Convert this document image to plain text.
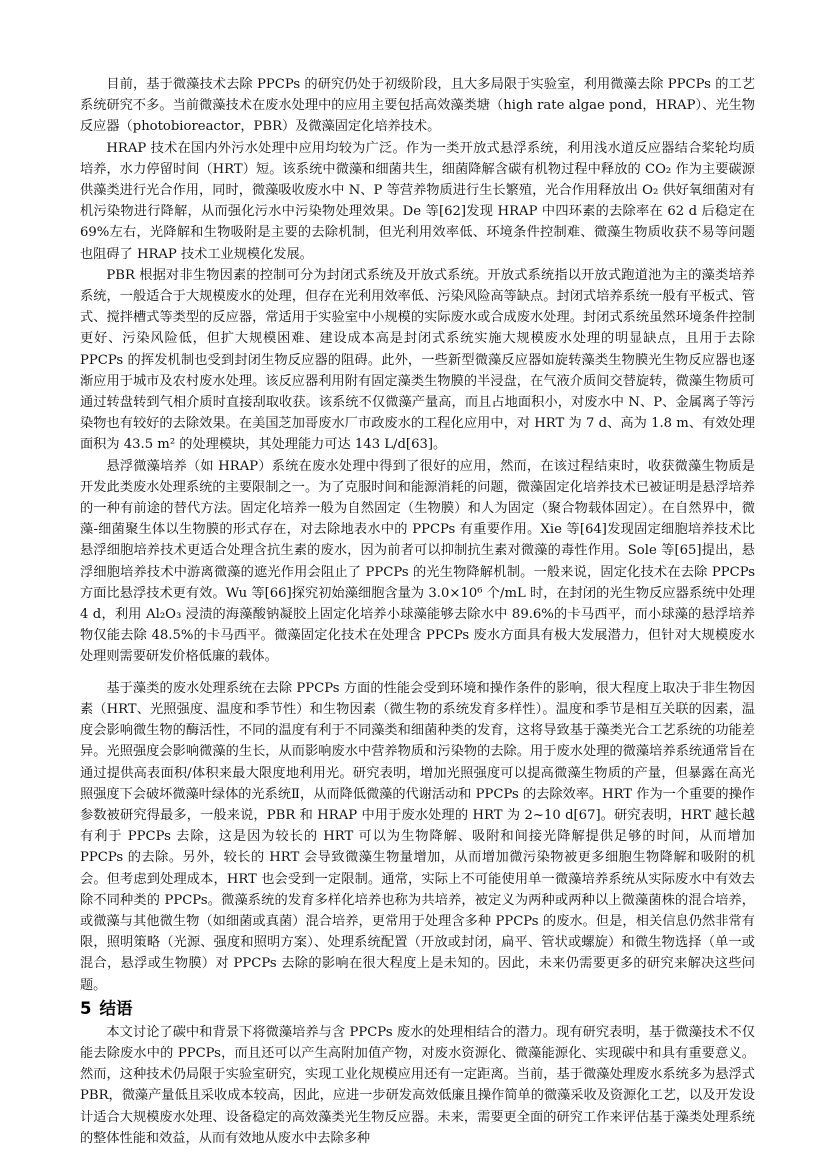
目前，基于微藻技术去除 PPCPs 的研究仍处于初级阶段，且大多局限于实验室，利用微藻去除 PPCPs 的工艺系统研究不多。当前微藻技术在废水处理中的应用主要包括高效藻类塘（high rate algae pond，HRAP）、光生物反应器（photobioreactor，PBR）及微藻固定化培养技术。

HRAP 技术在国内外污水处理中应用均较为广泛。作为一类开放式悬浮系统，利用浅水道反应器结合桨轮均质培养，水力停留时间（HRT）短。该系统中微藻和细菌共生，细菌降解含碳有机物过程中释放的 CO₂ 作为主要碳源供藻类进行光合作用，同时，微藻吸收废水中 N、P 等营养物质进行生长繁殖，光合作用释放出 O₂ 供好氧细菌对有机污染物进行降解，从而强化污水中污染物处理效果。De 等[62]发现 HRAP 中四环素的去除率在 62 d 后稳定在 69%左右，光降解和生物吸附是主要的去除机制，但光利用效率低、环境条件控制难、微藻生物质收获不易等问题也阻碍了 HRAP 技术工业规模化发展。

PBR 根据对非生物因素的控制可分为封闭式系统及开放式系统。开放式系统指以开放式跑道池为主的藻类培养系统，一般适合于大规模废水的处理，但存在光利用效率低、污染风险高等缺点。封闭式培养系统一般有平板式、管式、搅拌槽式等类型的反应器，常适用于实验室中小规模的实际废水或合成废水处理。封闭式系统虽然环境条件控制更好、污染风险低，但扩大规模困难、建设成本高是封闭式系统实施大规模废水处理的明显缺点，且用于去除 PPCPs 的挥发机制也受到封闭生物反应器的阻碍。此外，一些新型微藻反应器如旋转藻类生物膜光生物反应器也逐渐应用于城市及农村废水处理。该反应器利用附有固定藻类生物膜的半浸盘，在气液介质间交替旋转，微藻生物质可通过转盘转到气相介质时直接刮取收获。该系统不仅微藻产量高，而且占地面积小，对废水中 N、P、金属离子等污染物也有较好的去除效果。在美国芝加哥废水厂市政废水的工程化应用中，对 HRT 为 7 d、高为 1.8 m、有效处理面积为 43.5 m² 的处理模块，其处理能力可达 143 L/d[63]。

悬浮微藻培养（如 HRAP）系统在废水处理中得到了很好的应用，然而，在该过程结束时，收获微藻生物质是开发此类废水处理系统的主要限制之一。为了克服时间和能源消耗的问题，微藻固定化培养技术已被证明是悬浮培养的一种有前途的替代方法。固定化培养一般为自然固定（生物膜）和人为固定（聚合物载体固定）。在自然界中，微藻-细菌聚生体以生物膜的形式存在，对去除地表水中的 PPCPs 有重要作用。Xie 等[64]发现固定细胞培养技术比悬浮细胞培养技术更适合处理含抗生素的废水，因为前者可以抑制抗生素对微藻的毒性作用。Sole 等[65]提出，悬浮细胞培养技术中游离微藻的遮光作用会阻止了 PPCPs 的光生物降解机制。一般来说，固定化技术在去除 PPCPs 方面比悬浮技术更有效。Wu 等[66]探究初始藻细胞含量为 3.0×10⁶ 个/mL 时，在封闭的光生物反应器系统中处理 4 d，利用 Al₂O₃ 浸渍的海藻酸钠凝胶上固定化培养小球藻能够去除水中 89.6%的卡马西平，而小球藻的悬浮培养物仅能去除 48.5%的卡马西平。微藻固定化技术在处理含 PPCPs 废水方面具有极大发展潜力，但针对大规模废水处理则需要研发价格低廉的载体。

基于藻类的废水处理系统在去除 PPCPs 方面的性能会受到环境和操作条件的影响，很大程度上取决于非生物因素（HRT、光照强度、温度和季节性）和生物因素（微生物的系统发育多样性）。温度和季节是相互关联的因素，温度会影响微生物的酶活性，不同的温度有利于不同藻类和细菌种类的发育，这将导致基于藻类光合工艺系统的功能差异。光照强度会影响微藻的生长，从而影响废水中营养物质和污染物的去除。用于废水处理的微藻培养系统通常旨在通过提供高表面积/体积来最大限度地利用光。研究表明，增加光照强度可以提高微藻生物质的产量，但暴露在高光照强度下会破坏微藻叶绿体的光系统Ⅱ，从而降低微藻的代谢活动和 PPCPs 的去除效率。HRT 作为一个重要的操作参数被研究得最多，一般来说，PBR 和 HRAP 中用于废水处理的 HRT 为 2~10 d[67]。研究表明，HRT 越长越有利于 PPCPs 去除，这是因为较长的 HRT 可以为生物降解、吸附和间接光降解提供足够的时间，从而增加 PPCPs 的去除。另外，较长的 HRT 会导致微藻生物量增加，从而增加微污染物被更多细胞生物降解和吸附的机会。但考虑到处理成本，HRT 也会受到一定限制。通常，实际上不可能使用单一微藻培养系统从实际废水中有效去除不同种类的 PPCPs。微藻系统的发育多样化培养也称为共培养，被定义为两种或两种以上微藻菌株的混合培养，或微藻与其他微生物（如细菌或真菌）混合培养，更常用于处理含多种 PPCPs 的废水。但是，相关信息仍然非常有限，照明策略（光源、强度和照明方案）、处理系统配置（开放或封闭，扁平、管状或螺旋）和微生物选择（单一或混合，悬浮或生物膜）对 PPCPs 去除的影响在很大程度上是未知的。因此，未来仍需要更多的研究来解决这些问题。

5 结语

本文讨论了碳中和背景下将微藻培养与含 PPCPs 废水的处理相结合的潜力。现有研究表明，基于微藻技术不仅能去除废水中的 PPCPs，而且还可以产生高附加值产物，对废水资源化、微藻能源化、实现碳中和具有重要意义。然而，这种技术仍局限于实验室研究，实现工业化规模应用还有一定距离。当前，基于微藻处理废水系统多为悬浮式 PBR，微藻产量低且采收成本较高，因此，应进一步研发高效低廉且操作简单的微藻采收及资源化工艺，以及开发设计适合大规模废水处理、设备稳定的高效藻类光生物反应器。未来，需要更全面的研究工作来评估基于藻类处理系统的整体性能和效益，从而有效地从废水中去除多种
